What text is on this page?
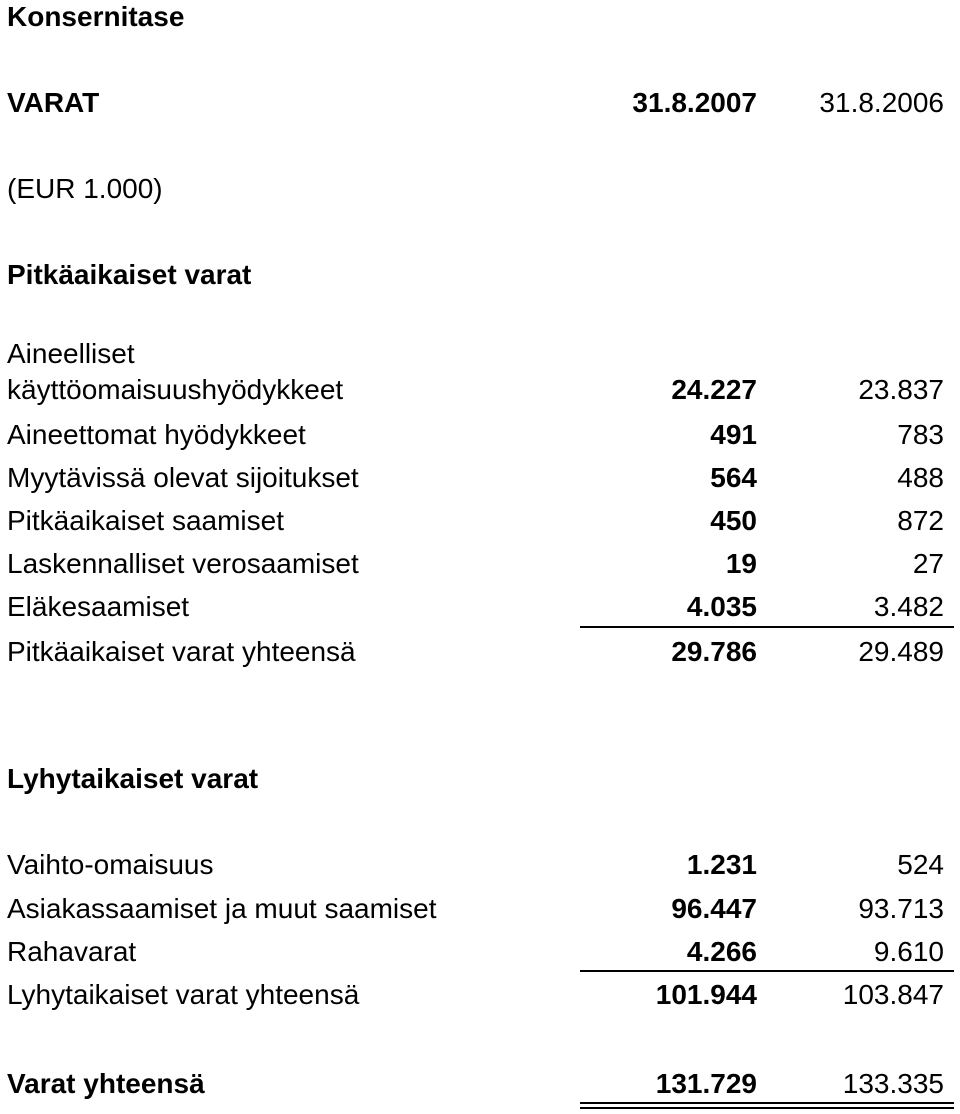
Konsernitase
VARAT	31.8.2007 31.8.2006
(EUR 1.000)
Pitkäaikaiset varat
Aineelliset
käyttöomaisuushyödykkeet	24.227	23.837
Aineettomat hyödykkeet	491	783
Myytävissä olevat sijoitukset	564	488
Pitkäaikaiset saamiset	450	872
Laskennalliset verosaamiset	19	27
Eläkesaamiset	4.035	3.482
Pitkäaikaiset varat yhteensä	29.786	29.489
Lyhytaikaiset varat
Vaihto-omaisuus	1.231	524
Asiakassaamiset ja muut saamiset	96.447	93.713
Rahavarat	4.266	9.610
Lyhytaikaiset varat yhteensä	101.944	103.847
Varat yhteensä	131.729	133.335
